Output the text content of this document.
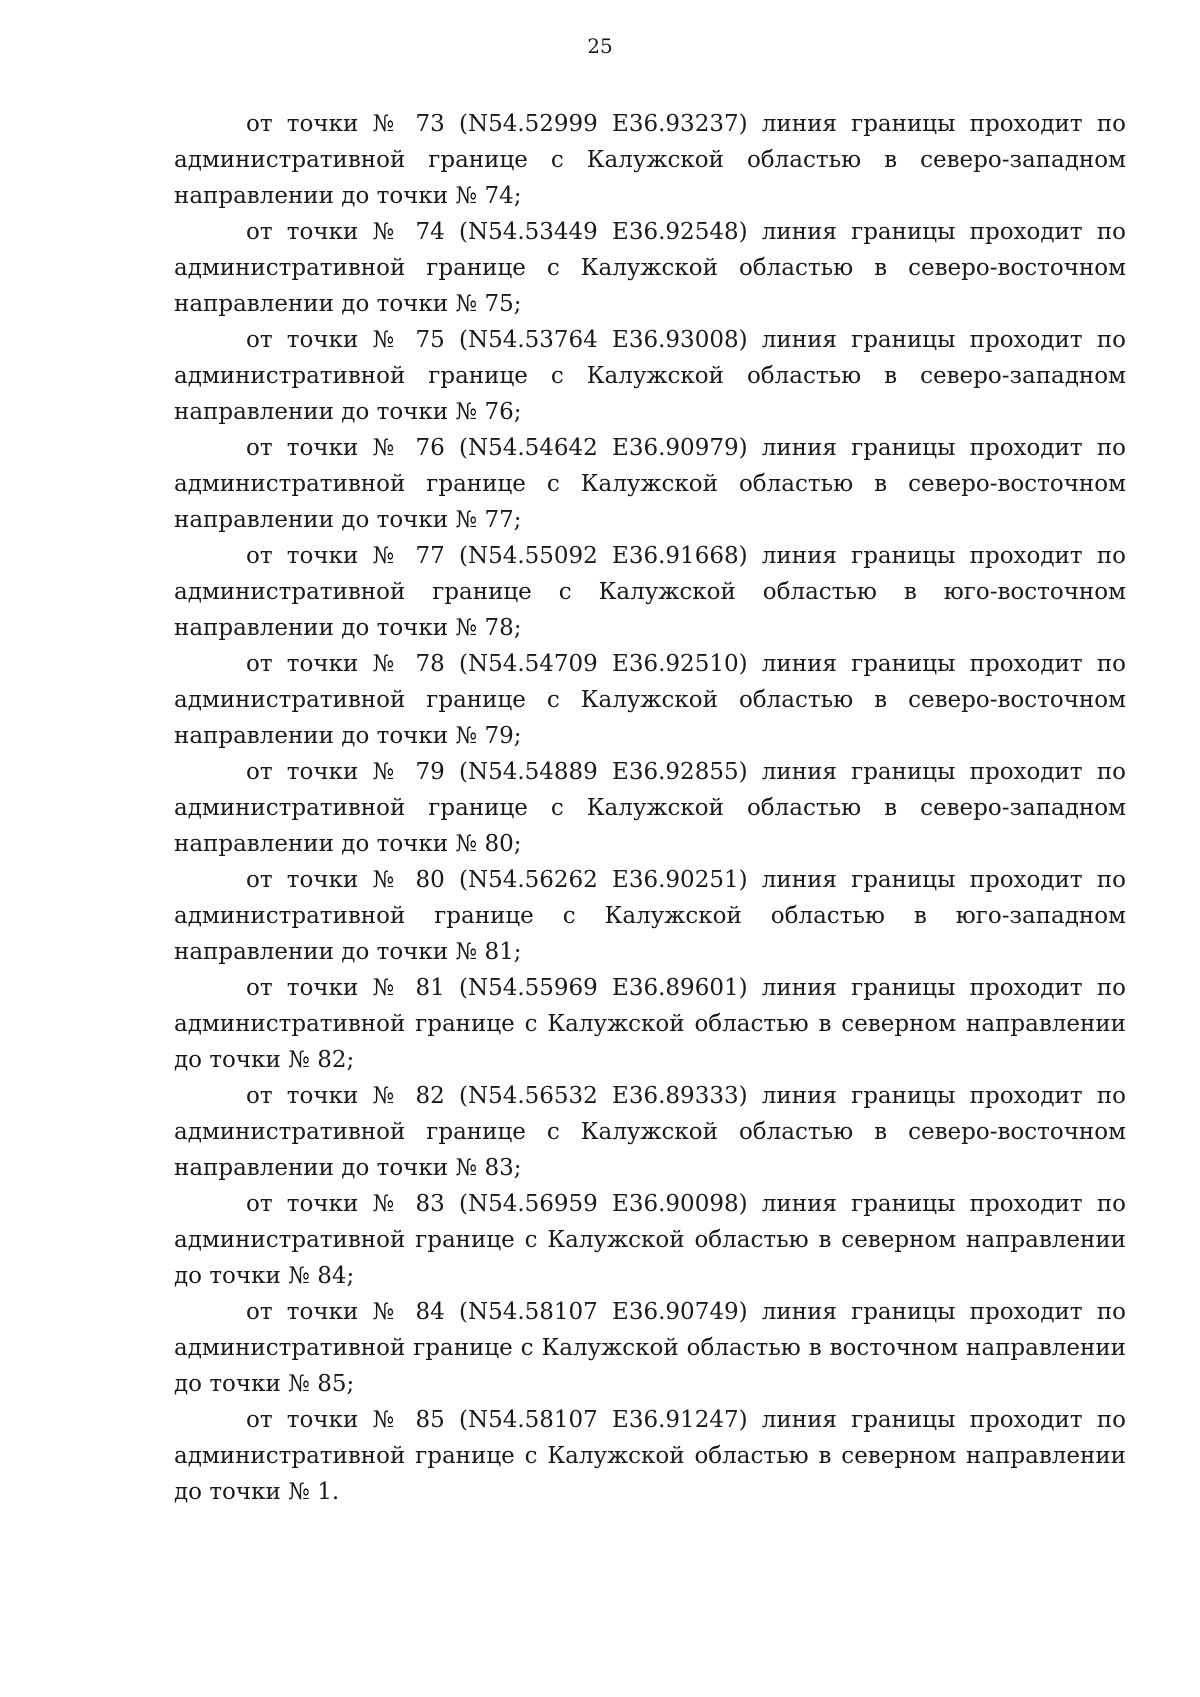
25

от точки № 73 (N54.52999 E36.93237) линия границы проходит по административной границе с Калужской областью в северо-западном направлении до точки № 74;

от точки № 74 (N54.53449 E36.92548) линия границы проходит по административной границе с Калужской областью в северо-восточном направлении до точки № 75;

от точки № 75 (N54.53764 E36.93008) линия границы проходит по административной границе с Калужской областью в северо-западном направлении до точки № 76;

от точки № 76 (N54.54642 E36.90979) линия границы проходит по административной границе с Калужской областью в северо-восточном направлении до точки № 77;

от точки № 77 (N54.55092 E36.91668) линия границы проходит по административной границе с Калужской областью в юго-восточном направлении до точки № 78;

от точки № 78 (N54.54709 E36.92510) линия границы проходит по административной границе с Калужской областью в северо-восточном направлении до точки № 79;

от точки № 79 (N54.54889 E36.92855) линия границы проходит по административной границе с Калужской областью в северо-западном направлении до точки № 80;

от точки № 80 (N54.56262 E36.90251) линия границы проходит по административной границе с Калужской областью в юго-западном направлении до точки № 81;

от точки № 81 (N54.55969 E36.89601) линия границы проходит по административной границе с Калужской областью в северном направлении до точки № 82;

от точки № 82 (N54.56532 E36.89333) линия границы проходит по административной границе с Калужской областью в северо-восточном направлении до точки № 83;

от точки № 83 (N54.56959 E36.90098) линия границы проходит по административной границе с Калужской областью в северном направлении до точки № 84;

от точки № 84 (N54.58107 E36.90749) линия границы проходит по административной границе с Калужской областью в восточном направлении до точки № 85;

от точки № 85 (N54.58107 E36.91247) линия границы проходит по административной границе с Калужской областью в северном направлении до точки № 1.
